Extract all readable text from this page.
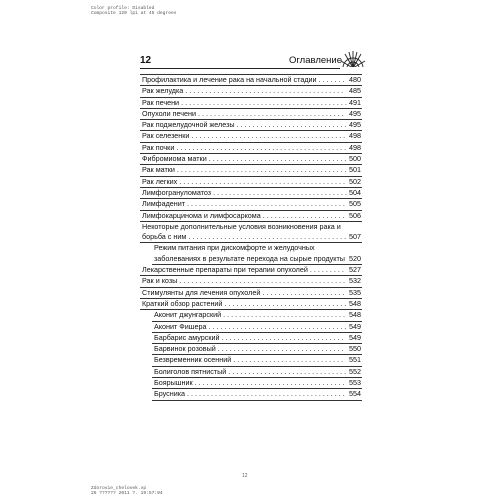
Color profile: Disabled
Composite 120 lpi at 45 degrees
12	Оглавление
Профилактика и лечение рака на начальной стадии . . .	480
Рак желудка . . .	485
Рак печени . . .	491
Опухоли печени . . .	495
Рак поджелудочной железы . . .	495
Рак селезенки . . .	498
Рак почки . . .	498
Фибромиома матки . . .	500
Рак матки . . .	501
Рак легких . . .	502
Лимфогрануломатоз . . .	504
Лимфаденит . . .	505
Лимфокарцинома и лимфосаркома . . .	506
Некоторые дополнительные условия возникновения рака и борьба с ним . . .	507
Режим питания при дискомфорте и желудочных заболеваниях в результате перехода на сырые продукты . . . 520
Лекарственные препараты при терапии опухолей . . .	527
Рак и козы . . .	532
Стимулянты для лечения опухолей . . .	535
Краткий обзор растений . . .	548
Аконит джунгарский . . .	548
Аконит Фишера . . .	549
Барбарис амурский . . .	549
Барвинок розовый . . .	550
Безвременник осенний . . .	551
Болиголов пятнистый . . .	552
Боярышник . . .	553
Брусника . . .	554
12
Zdorovie_chelovek.vp
26 ?????? 2011 ?. 19:57:04
